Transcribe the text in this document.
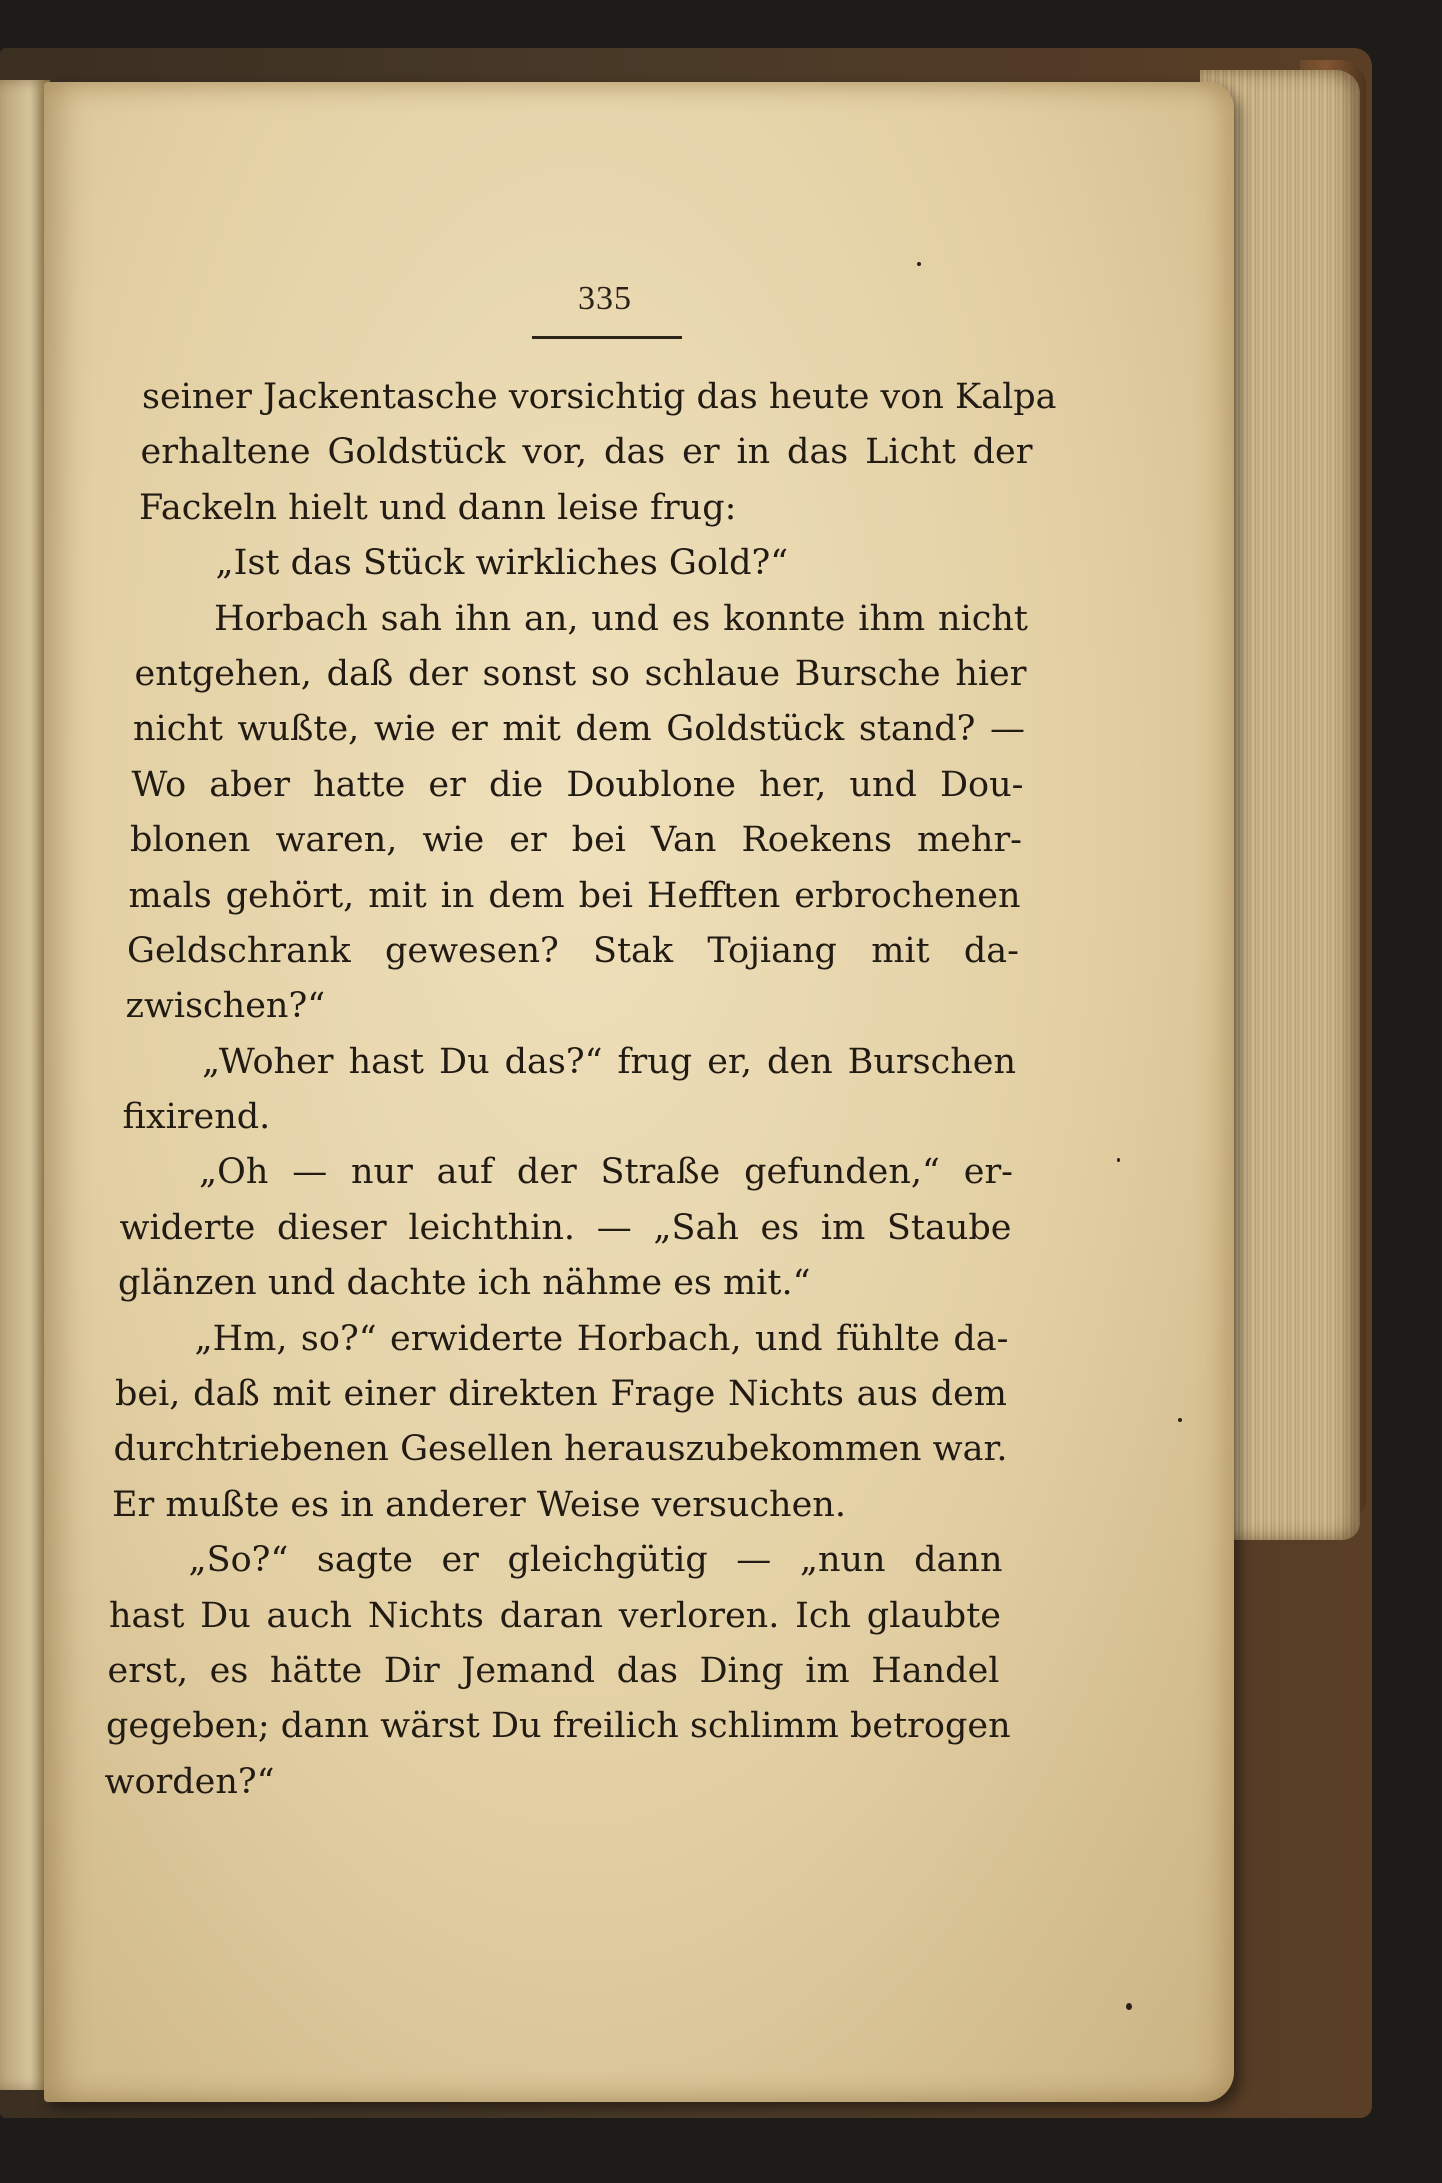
335
seiner Jackentasche vorsichtig das heute von Kalpa
erhaltene Goldstück vor, das er in das Licht der
Fackeln hielt und dann leise frug:
„Ist das Stück wirkliches Gold?“
Horbach sah ihn an, und es konnte ihm nicht
entgehen, daß der sonst so schlaue Bursche hier
nicht wußte, wie er mit dem Goldstück stand? —
Wo aber hatte er die Doublone her, und Dou-
blonen waren, wie er bei Van Roekens mehr-
mals gehört, mit in dem bei Hefften erbrochenen
Geldschrank gewesen? Stak Tojiang mit da-
zwischen?“
„Woher hast Du das?“ frug er, den Burschen
fixirend.
„Oh — nur auf der Straße gefunden,“ er-
widerte dieser leichthin. — „Sah es im Staube
glänzen und dachte ich nähme es mit.“
„Hm, so?“ erwiderte Horbach, und fühlte da-
bei, daß mit einer direkten Frage Nichts aus dem
durchtriebenen Gesellen herauszubekommen war.
Er mußte es in anderer Weise versuchen.
„So?“ sagte er gleichgütig — „nun dann
hast Du auch Nichts daran verloren. Ich glaubte
erst, es hätte Dir Jemand das Ding im Handel
gegeben; dann wärst Du freilich schlimm betrogen
worden?“
